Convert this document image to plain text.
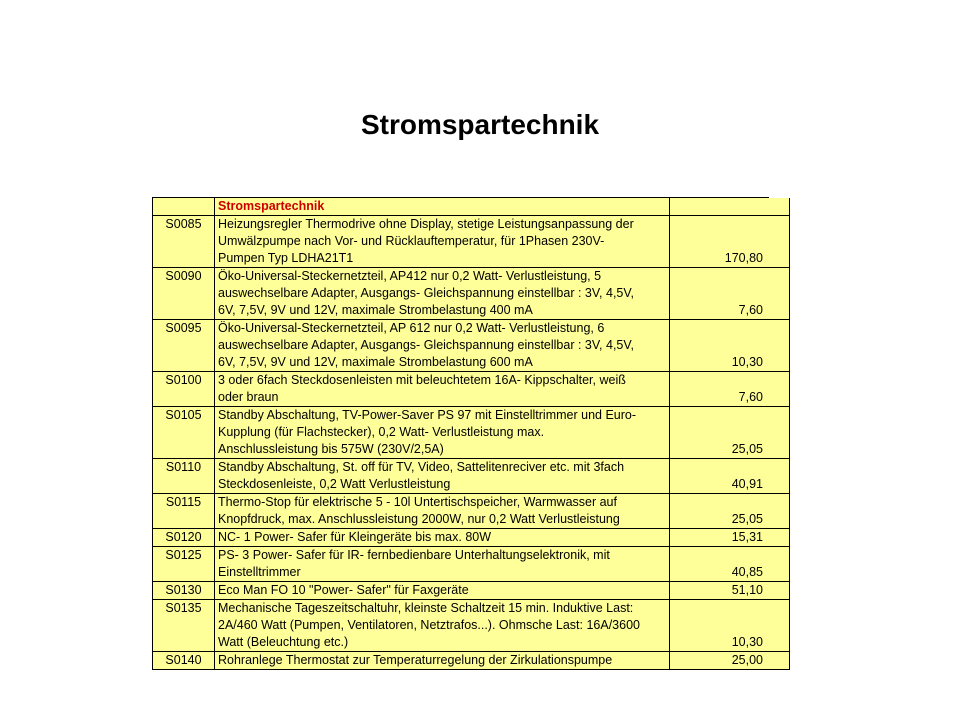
Stromspartechnik
	Stromspartechnik	
S0085	Heizungsregler Thermodrive ohne Display, stetige Leistungsanpassung der
Umwälzpumpe nach Vor- und Rücklauftemperatur, für 1Phasen 230V-
Pumpen Typ LDHA21T1	170,80
S0090	Öko-Universal-Steckernetzteil, AP412 nur 0,2 Watt- Verlustleistung, 5
auswechselbare Adapter, Ausgangs- Gleichspannung einstellbar : 3V, 4,5V,
6V, 7,5V, 9V und 12V, maximale Strombelastung 400 mA	7,60
S0095	Öko-Universal-Steckernetzteil, AP 612 nur 0,2 Watt- Verlustleistung, 6
auswechselbare Adapter, Ausgangs- Gleichspannung einstellbar : 3V, 4,5V,
6V, 7,5V, 9V und 12V, maximale Strombelastung 600 mA	10,30
S0100	3 oder 6fach Steckdosenleisten mit beleuchtetem 16A- Kippschalter, weiß
oder braun	7,60
S0105	Standby Abschaltung, TV-Power-Saver PS 97 mit Einstelltrimmer und Euro-
Kupplung (für Flachstecker), 0,2 Watt- Verlustleistung max.
Anschlussleistung bis 575W (230V/2,5A)	25,05
S0110	Standby Abschaltung, St. off für TV, Video, Sattelitenreciver etc. mit 3fach
Steckdosenleiste, 0,2 Watt Verlustleistung	40,91
S0115	Thermo-Stop für elektrische 5 - 10l Untertischspeicher, Warmwasser auf
Knopfdruck, max. Anschlussleistung 2000W, nur 0,2 Watt Verlustleistung	25,05
S0120	NC- 1 Power- Safer für Kleingeräte bis max. 80W	15,31
S0125	PS- 3 Power- Safer für IR- fernbedienbare Unterhaltungselektronik, mit
Einstelltrimmer	40,85
S0130	Eco Man FO 10 "Power- Safer" für Faxgeräte	51,10
S0135	Mechanische Tageszeitschaltuhr, kleinste Schaltzeit 15 min. Induktive Last:
2A/460 Watt (Pumpen, Ventilatoren, Netztrafos...). Ohmsche Last: 16A/3600
Watt (Beleuchtung etc.)	10,30
S0140	Rohranlege Thermostat zur Temperaturregelung der Zirkulationspumpe	25,00
